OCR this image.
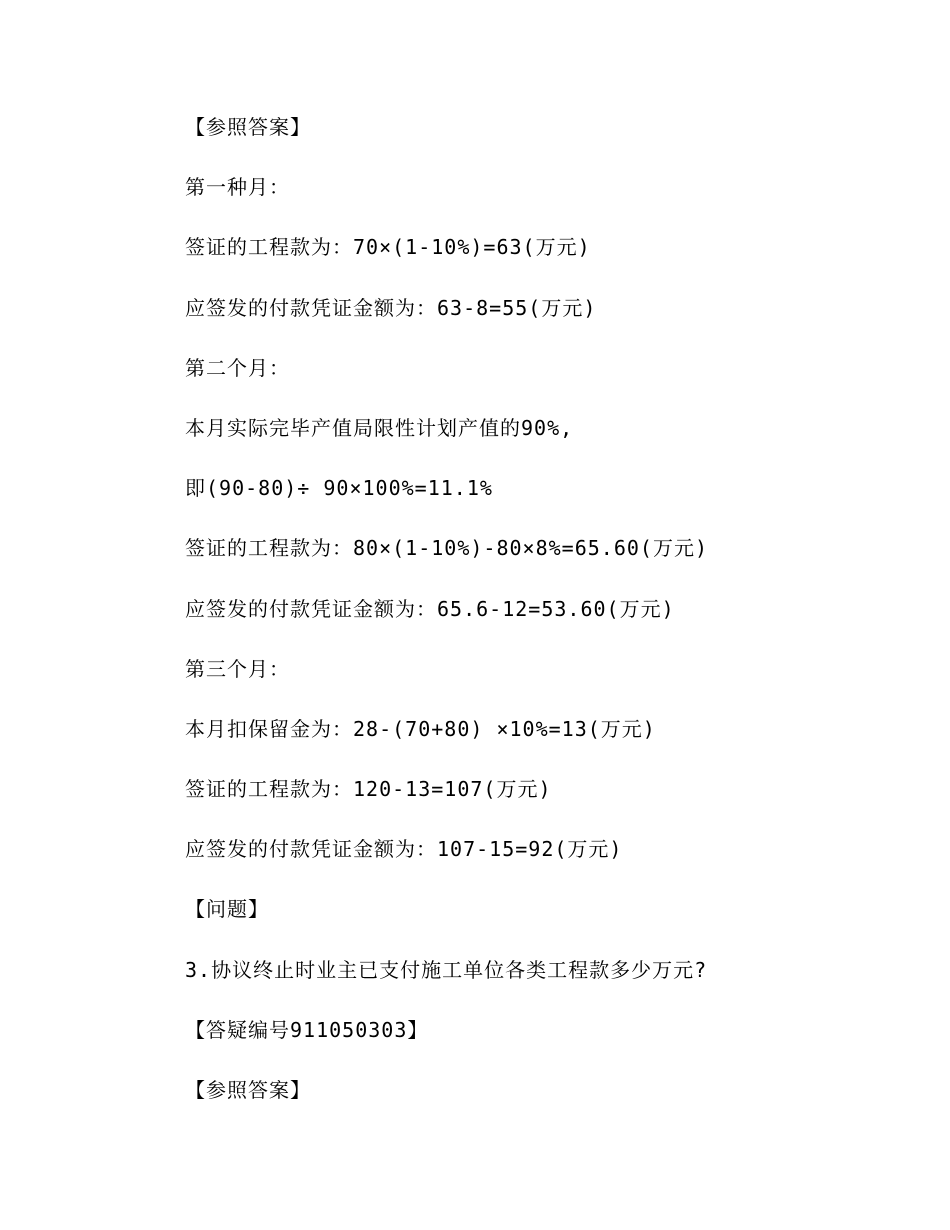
【参照答案】

第一种月：

签证的工程款为：70×(1-10%)=63(万元)

应签发的付款凭证金额为：63-8=55(万元)

第二个月：

本月实际完毕产值局限性计划产值的90%,

即(90-80)÷ 90×100%=11.1%

签证的工程款为：80×(1-10%)-80×8%=65.60(万元)

应签发的付款凭证金额为：65.6-12=53.60(万元)

第三个月：

本月扣保留金为：28-(70+80) ×10%=13(万元)

签证的工程款为：120-13=107(万元)

应签发的付款凭证金额为：107-15=92(万元)

【问题】

3.协议终止时业主已支付施工单位各类工程款多少万元?

【答疑编号911050303】

【参照答案】
